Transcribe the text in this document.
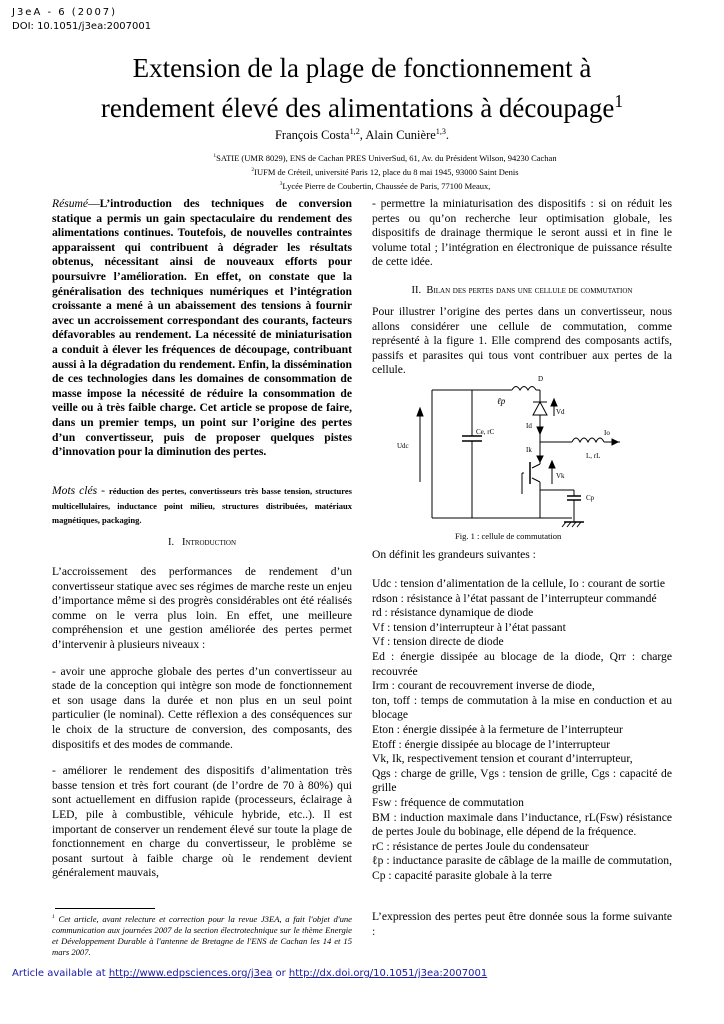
J3eA - 6 (2007)
DOI: 10.1051/j3ea:2007001
Extension de la plage de fonctionnement à
rendement élevé des alimentations à découpage$^1$
François Costa$^{1,2}$, Alain Cunière$^{1,3}$.
$^1$SATIE (UMR 8029), ENS de Cachan PRES UniverSud, 61, Av. du Président Wilson, 94230 Cachan
$^2$IUFM de Créteil, université Paris 12, place du 8 mai 1945, 93000 Saint Denis
$^3$Lycée Pierre de Coubertin, Chaussée de Paris, 77100 Meaux,
Résumé—L’introduction des techniques de conversion statique a permis un gain spectaculaire du rendement des alimentations continues. Toutefois, de nouvelles contraintes apparaissent qui contribuent à dégrader les résultats obtenus, nécessitant ainsi de nouveaux efforts pour poursuivre l’amélioration. En effet, on constate que la généralisation des techniques numériques et l’intégration croissante a mené à un abaissement des tensions à fournir avec un accroissement correspondant des courants, facteurs défavorables au rendement. La nécessité de miniaturisation a conduit à élever les fréquences de découpage, contribuant aussi à la dégradation du rendement. Enfin, la dissémination de ces technologies dans les domaines de consommation de masse impose la nécessité de réduire la consommation de veille ou à très faible charge. Cet article se propose de faire, dans un premier temps, un point sur l’origine des pertes d’un convertisseur, puis de proposer quelques pistes d’innovation pour la diminution des pertes.
Mots clés - réduction des pertes, convertisseurs très basse tension, structures multicellulaires, inductance point milieu, structures distribuées, matériaux magnétiques, packaging.
I. Introduction

L’accroissement des performances de rendement d’un convertisseur statique avec ses régimes de marche reste un enjeu d’importance même si des progrès considérables ont été réalisés comme on le verra plus loin. En effet, une meilleure compréhension et une gestion améliorée des pertes permet d’intervenir à plusieurs niveaux :

- avoir une approche globale des pertes d’un convertisseur au stade de la conception qui intègre son mode de fonctionnement et son usage dans la durée et non plus en un seul point particulier (le nominal). Cette réflexion a des conséquences sur le choix de la structure de conversion, des composants, des dispositifs et des modes de commande.

- améliorer le rendement des dispositifs d’alimentation très basse tension et très fort courant (de l’ordre de 70 à 80%) qui sont actuellement en diffusion rapide (processeurs, éclairage à LED, pile à combustible, véhicule hybride, etc..). Il est important de conserver un rendement élevé sur toute la plage de fonctionnement en charge du convertisseur, le problème se posant surtout à faible charge où le rendement devient généralement mauvais,

$^1$ Cet article, avant relecture et correction pour la revue J3EA, a fait l'objet d'une communication aux journées 2007 de la section électrotechnique sur le thème Energie et Développement Durable à l'antenne de Bretagne de l'ENS de Cachan les 14 et 15 mars 2007.
- permettre la miniaturisation des dispositifs : si on réduit les pertes ou qu’on recherche leur optimisation globale, les dispositifs de drainage thermique le seront aussi et in fine le volume total ; l’intégration en électronique de puissance résulte de cette idée.
II. Bilan des pertes dans une cellule de commutation
Pour illustrer l’origine des pertes dans un convertisseur, nous allons considérer une cellule de commutation, comme représenté à la figure 1. Elle comprend des composants actifs, passifs et parasites qui tous vont contribuer aux pertes de la cellule.
D
ℓp
Vd
Id
Io
Udc
Ce, rC
Ik
L, rL
Vk
Cp
Fig. 1 : cellule de commutation
On définit les grandeurs suivantes :

Udc : tension d’alimentation de la cellule, Io : courant de sortie

rdson : résistance à l’état passant de l’interrupteur commandé

rd : résistance dynamique de diode

Vf : tension d’interrupteur à l’état passant

Vf : tension directe de diode

Ed : énergie dissipée au blocage de la diode, Qrr : charge recouvrée

Irm : courant de recouvrement inverse de diode,

ton, toff : temps de commutation à la mise en conduction et au blocage

Eton : énergie dissipée à la fermeture de l’interrupteur

Etoff : énergie dissipée au blocage de l’interrupteur

Vk, Ik, respectivement tension et courant d’interrupteur,

Qgs : charge de grille, Vgs : tension de grille, Cgs : capacité de grille

Fsw : fréquence de commutation

BM : induction maximale dans l’inductance, rL(Fsw) résistance de pertes Joule du bobinage, elle dépend de la fréquence.

rC : résistance de pertes Joule du condensateur

ℓp : inductance parasite de câblage de la maille de commutation, Cp : capacité parasite globale à la terre

L’expression des pertes peut être donnée sous la forme suivante :
Article available at http://www.edpsciences.org/j3ea or http://dx.doi.org/10.1051/j3ea:2007001
